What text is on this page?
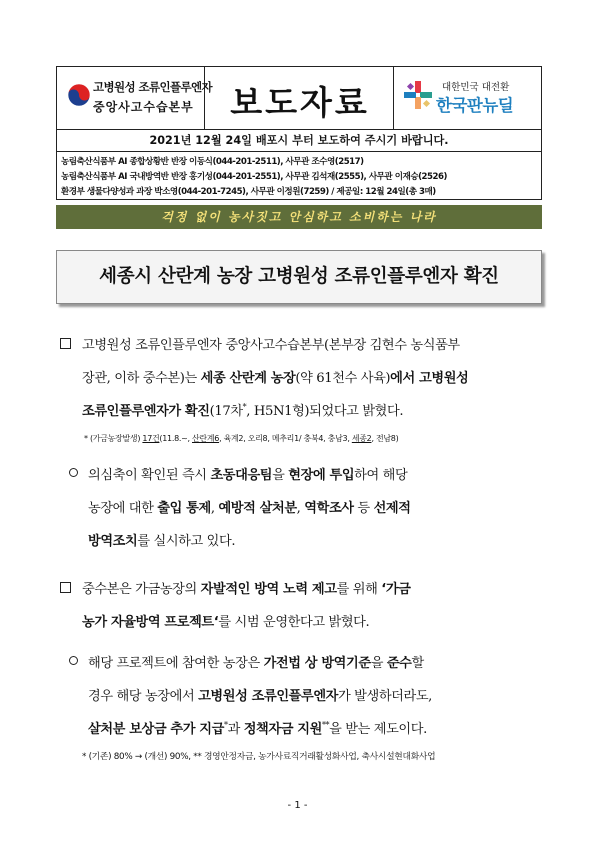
고병원성 조류인플루엔자
중앙사고수습본부	보도자료	대한민국 대전환
한국판뉴딜
2021년 12월 24일 배포시 부터 보도하여 주시기 바랍니다.
농림축산식품부 AI 종합상황반 반장 이동식(044-201-2511), 사무관 조수영(2517)
농림축산식품부 AI 국내방역반 반장 홍기성(044-201-2551), 사무관 김석재(2555), 사무관 이재승(2526)
환경부 생물다양성과 과장 박소영(044-201-7245), 사무관 이정원(7259) / 제공일: 12월 24일(총 3매)
걱정 없이 농사짓고 안심하고 소비하는 나라
세종시 산란계 농장 고병원성 조류인플루엔자 확진
고병원성 조류인플루엔자 중앙사고수습본부(본부장 김현수 농식품부
장관, 이하 중수본)는 세종 산란계 농장(약 61천수 사육)에서 고병원성
조류인플루엔자가 확진(17차*, H5N1형)되었다고 밝혔다.
* (가금농장발생) 17건(11.8.~, 산란계6, 육계2, 오리8, 메추리1/ 충북4, 충남3, 세종2, 전남8)
의심축이 확인된 즉시 초동대응팀을 현장에 투입하여 해당
농장에 대한 출입 통제, 예방적 살처분, 역학조사 등 선제적
방역조치를 실시하고 있다.
중수본은 가금농장의 자발적인 방역 노력 제고를 위해 ‘가금
농가 자율방역 프로젝트‘를 시범 운영한다고 밝혔다.
해당 프로젝트에 참여한 농장은 가전법 상 방역기준을 준수할
경우 해당 농장에서 고병원성 조류인플루엔자가 발생하더라도,
살처분 보상금 추가 지급*과 정책자금 지원**을 받는 제도이다.
* (기존) 80% → (개선) 90%, ** 경영안정자금, 농가사료직거래활성화사업, 축사시설현대화사업
- 1 -
